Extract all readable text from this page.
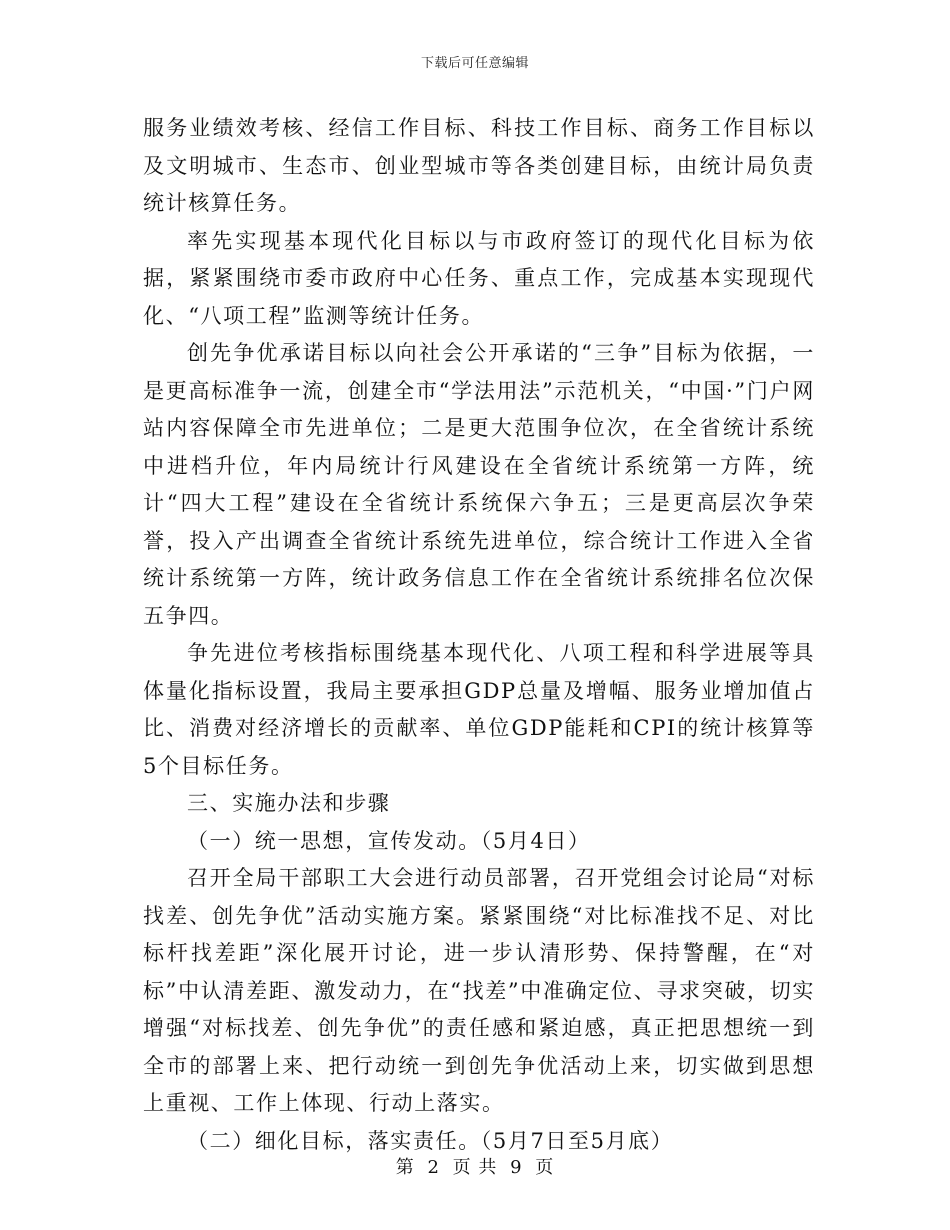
下载后可任意编辑

服务业绩效考核、经信工作目标、科技工作目标、商务工作目标以及文明城市、生态市、创业型城市等各类创建目标，由统计局负责统计核算任务。

率先实现基本现代化目标以与市政府签订的现代化目标为依据，紧紧围绕市委市政府中心任务、重点工作，完成基本实现现代化、“八项工程”监测等统计任务。

创先争优承诺目标以向社会公开承诺的“三争”目标为依据，一是更高标准争一流，创建全市“学法用法”示范机关，“中国·”门户网站内容保障全市先进单位；二是更大范围争位次，在全省统计系统中进档升位，年内局统计行风建设在全省统计系统第一方阵，统计“四大工程”建设在全省统计系统保六争五；三是更高层次争荣誉，投入产出调查全省统计系统先进单位，综合统计工作进入全省统计系统第一方阵，统计政务信息工作在全省统计系统排名位次保五争四。

争先进位考核指标围绕基本现代化、八项工程和科学进展等具体量化指标设置，我局主要承担GDP总量及增幅、服务业增加值占比、消费对经济增长的贡献率、单位GDP能耗和CPI的统计核算等5个目标任务。

三、实施办法和步骤

（一）统一思想，宣传发动。（5月4日）

召开全局干部职工大会进行动员部署，召开党组会讨论局“对标找差、创先争优”活动实施方案。紧紧围绕“对比标准找不足、对比标杆找差距”深化展开讨论，进一步认清形势、保持警醒，在“对标”中认清差距、激发动力，在“找差”中准确定位、寻求突破，切实增强“对标找差、创先争优”的责任感和紧迫感，真正把思想统一到全市的部署上来、把行动统一到创先争优活动上来，切实做到思想上重视、工作上体现、行动上落实。

（二）细化目标，落实责任。（5月7日至5月底）

第 2 页 共 9 页
